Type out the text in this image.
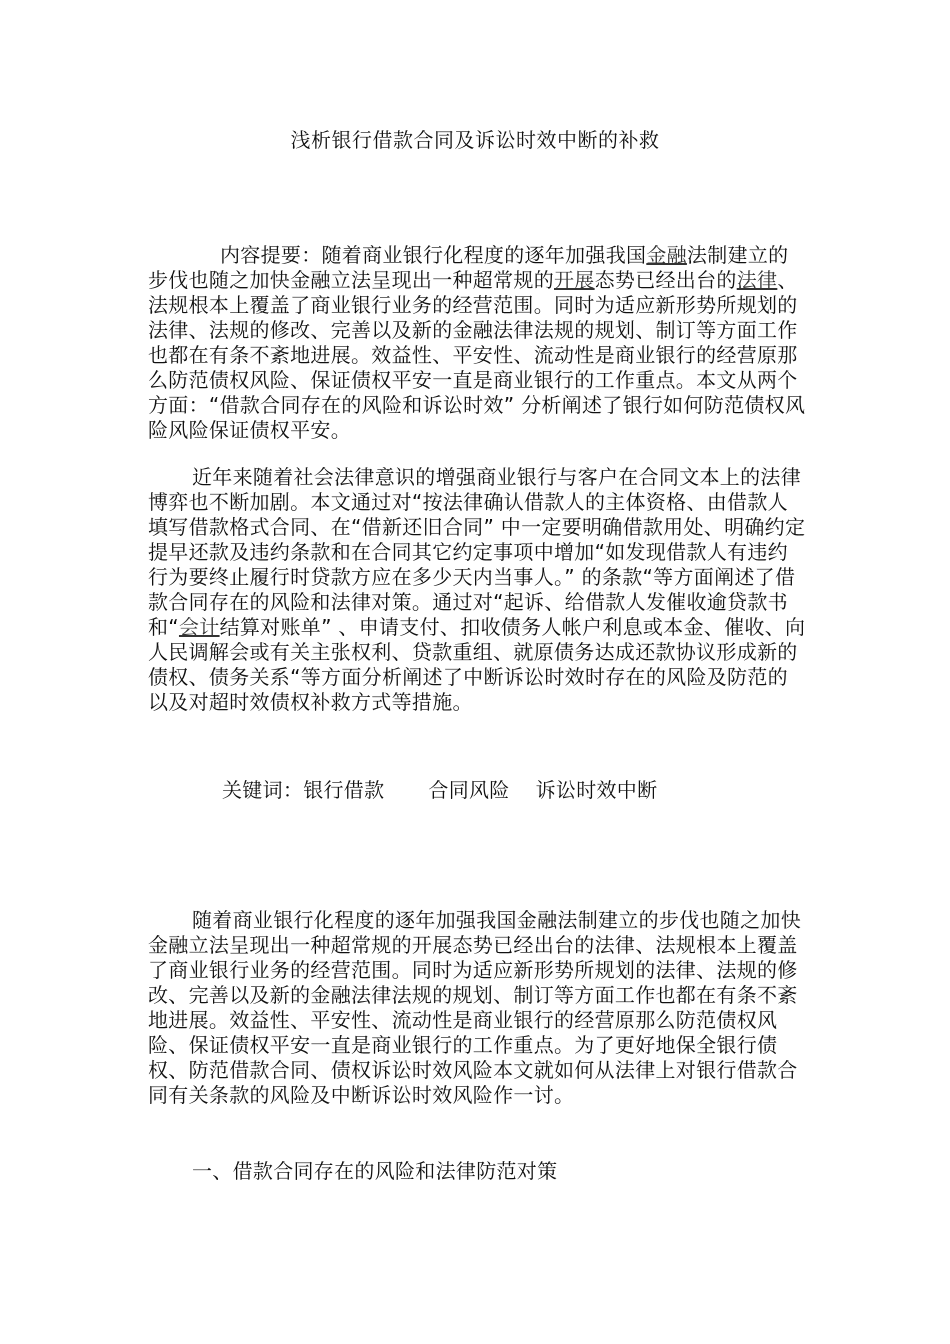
浅析银行借款合同及诉讼时效中断的补救

内容提要：随着商业银行化程度的逐年加强我国金融法制建立的步伐也随之加快金融立法呈现出一种超常规的开展态势已经出台的法律、法规根本上覆盖了商业银行业务的经营范围。同时为适应新形势所规划的法律、法规的修改、完善以及新的金融法律法规的规划、制订等方面工作也都在有条不紊地进展。效益性、平安性、流动性是商业银行的经营原那么防范债权风险、保证债权平安一直是商业银行的工作重点。本文从两个方面：“借款合同存在的风险和诉讼时效” 分析阐述了银行如何防范债权风险风险保证债权平安。

近年来随着社会法律意识的增强商业银行与客户在合同文本上的法律博弈也不断加剧。本文通过对“按法律确认借款人的主体资格、由借款人填写借款格式合同、在“借新还旧合同” 中一定要明确借款用处、明确约定提早还款及违约条款和在合同其它约定事项中增加“如发现借款人有违约行为要终止履行时贷款方应在多少天内当事人。” 的条款“等方面阐述了借款合同存在的风险和法律对策。通过对“起诉、给借款人发催收逾贷款书和“会计结算对账单” 、申请支付、扣收债务人帐户利息或本金、催收、向人民调解会或有关主张权利、贷款重组、就原债务达成还款协议形成新的债权、债务关系“等方面分析阐述了中断诉讼时效时存在的风险及防范的以及对超时效债权补救方式等措施。

关键词：银行借款 合同风险 诉讼时效中断

随着商业银行化程度的逐年加强我国金融法制建立的步伐也随之加快金融立法呈现出一种超常规的开展态势已经出台的法律、法规根本上覆盖了商业银行业务的经营范围。同时为适应新形势所规划的法律、法规的修改、完善以及新的金融法律法规的规划、制订等方面工作也都在有条不紊地进展。效益性、平安性、流动性是商业银行的经营原那么防范债权风险、保证债权平安一直是商业银行的工作重点。为了更好地保全银行债权、防范借款合同、债权诉讼时效风险本文就如何从法律上对银行借款合同有关条款的风险及中断诉讼时效风险作一讨。

一、借款合同存在的风险和法律防范对策
